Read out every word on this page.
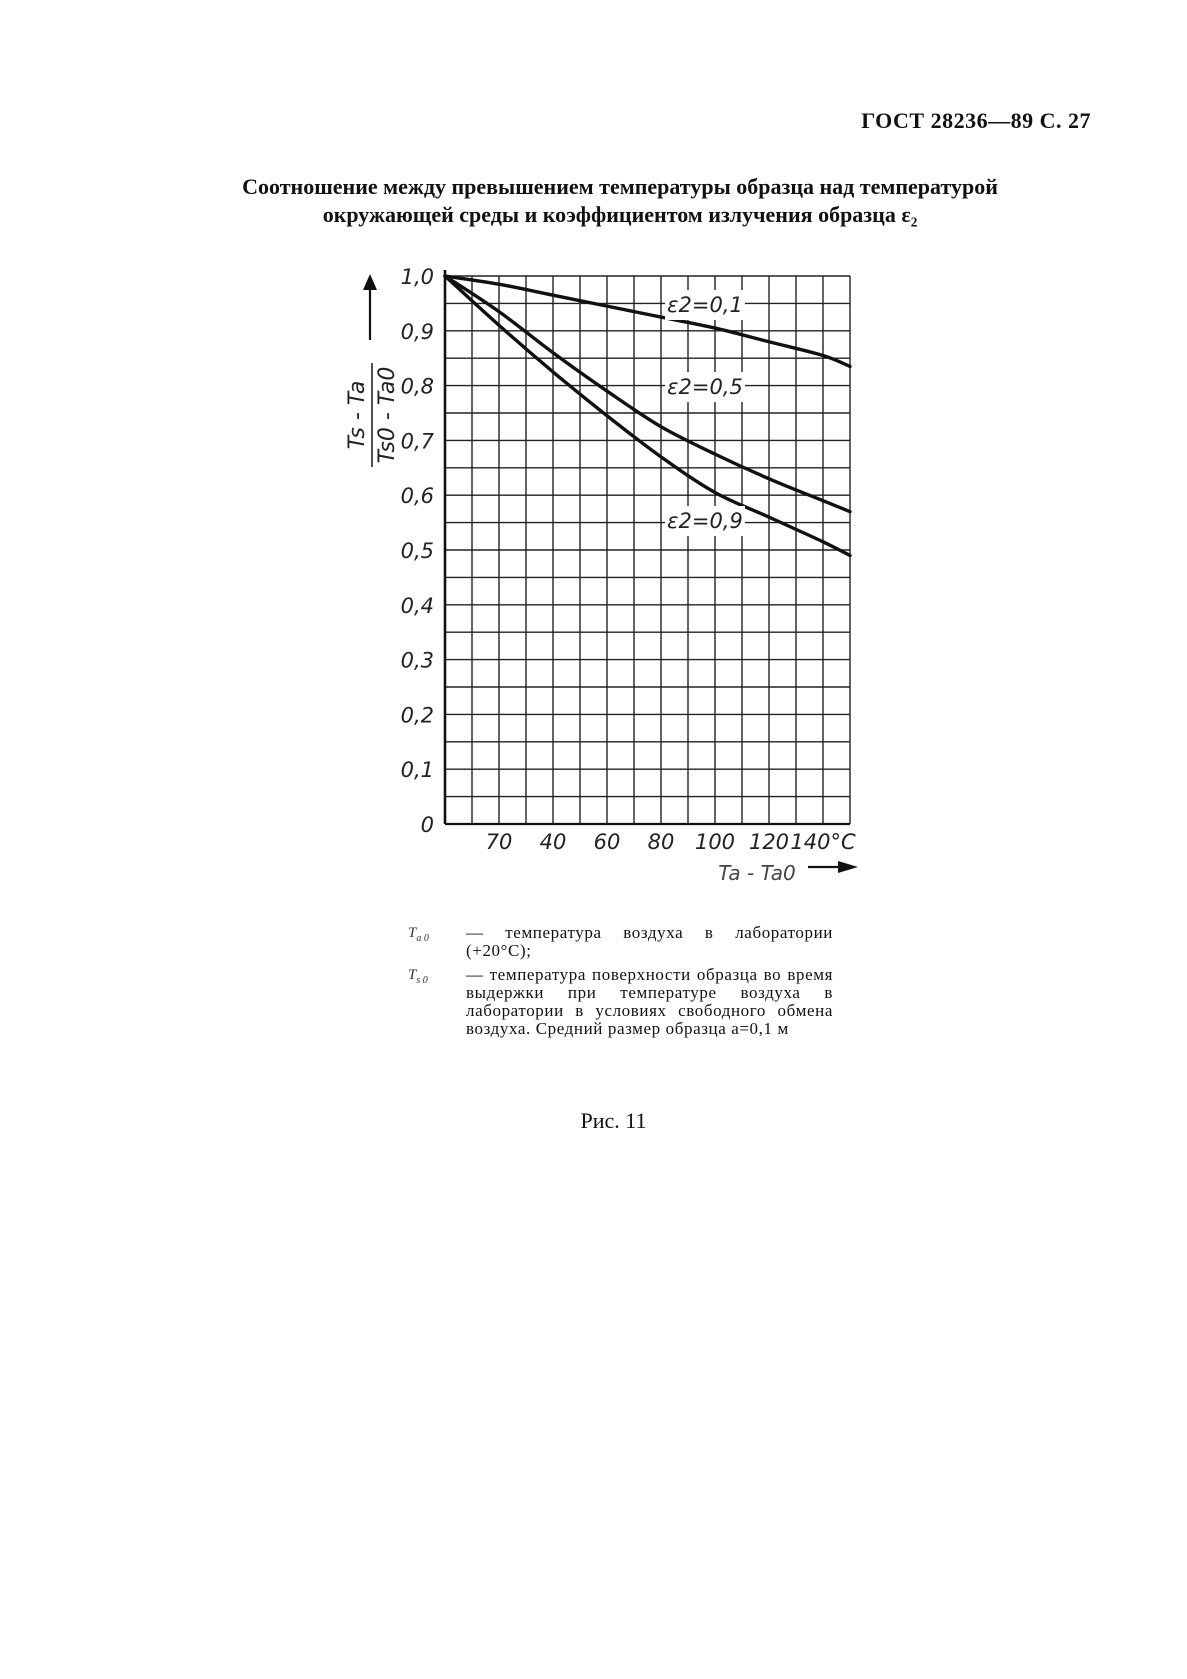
ГОСТ 28236—89 С. 27
Соотношение между превышением температуры образца над температурой
окружающей среды и коэффициентом излучения образца ε₂
0
0,1
0,2
0,3
0,4
0,5
0,6
0,7
0,8
0,9
1,0
70 40 60 80 100 120 140°C
Ts - Ta Ts0 - Ta0
Ta - Ta0
ε2=0,1
ε2=0,5
ε2=0,9
$T_{a 0}$	— температура воздуха в лаборатории (+20°С);
$T_{s 0}$	— температура поверхности образца во время выдержки при температуре воздуха в лаборатории в условиях свободного обмена воздуха. Средний размер образца a=0,1 м
Рис. 11
